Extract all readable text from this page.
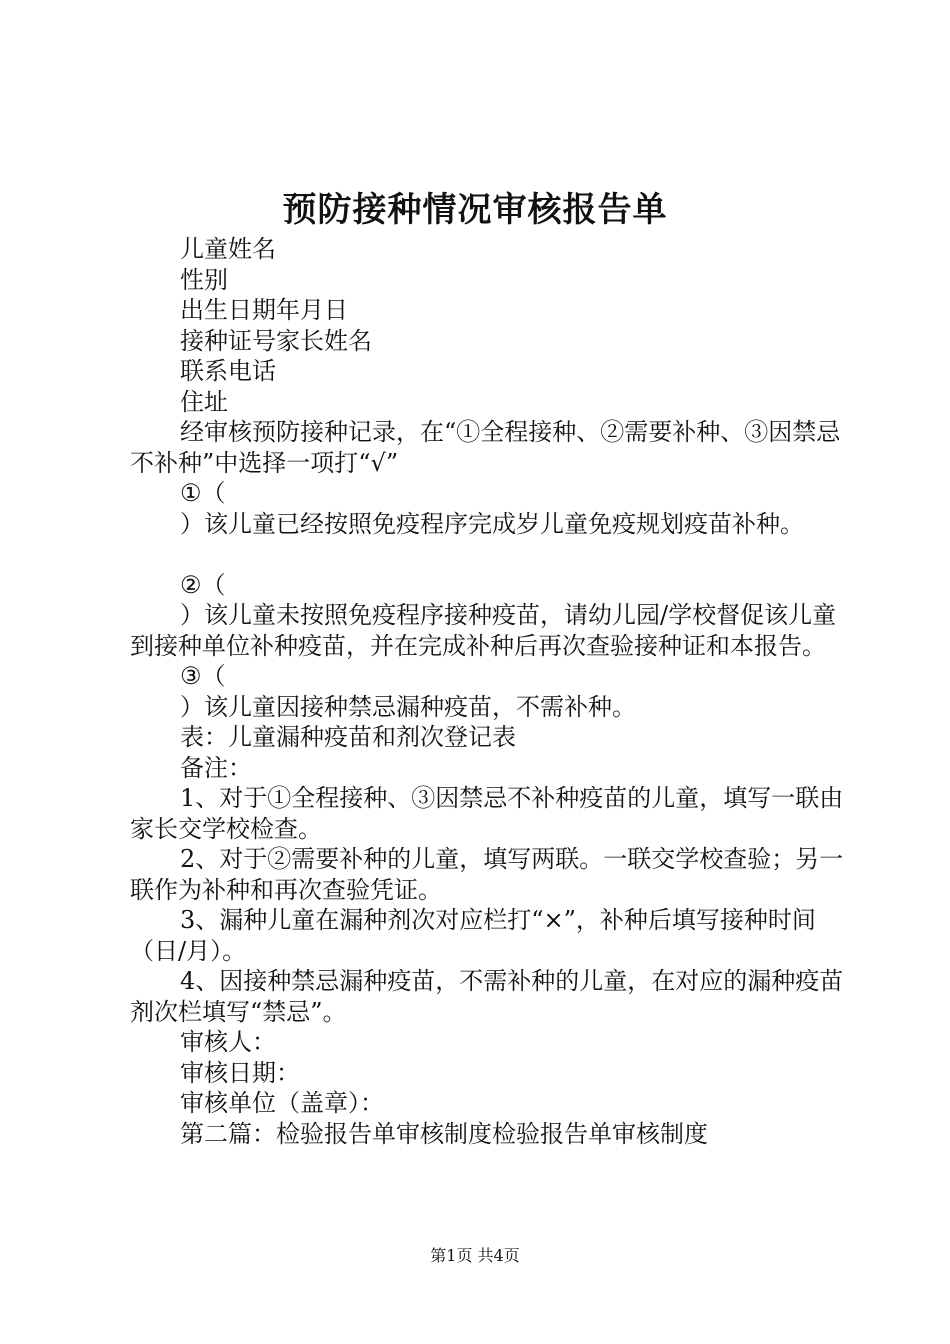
预防接种情况审核报告单

儿童姓名

性别

出生日期年月日

接种证号家长姓名

联系电话

住址

经审核预防接种记录，在“①全程接种、②需要补种、③因禁忌不补种”中选择一项打“√”

①（

）该儿童已经按照免疫程序完成岁儿童免疫规划疫苗补种。

②（

）该儿童未按照免疫程序接种疫苗，请幼儿园/学校督促该儿童到接种单位补种疫苗，并在完成补种后再次查验接种证和本报告。

③（

）该儿童因接种禁忌漏种疫苗，不需补种。

表：儿童漏种疫苗和剂次登记表

备注：

1、对于①全程接种、③因禁忌不补种疫苗的儿童，填写一联由家长交学校检查。

2、对于②需要补种的儿童，填写两联。一联交学校查验；另一联作为补种和再次查验凭证。

3、漏种儿童在漏种剂次对应栏打“×”，补种后填写接种时间（日/月）。

4、因接种禁忌漏种疫苗，不需补种的儿童，在对应的漏种疫苗剂次栏填写“禁忌”。

审核人：

审核日期：

审核单位（盖章）：

第二篇：检验报告单审核制度检验报告单审核制度

第1页 共4页
